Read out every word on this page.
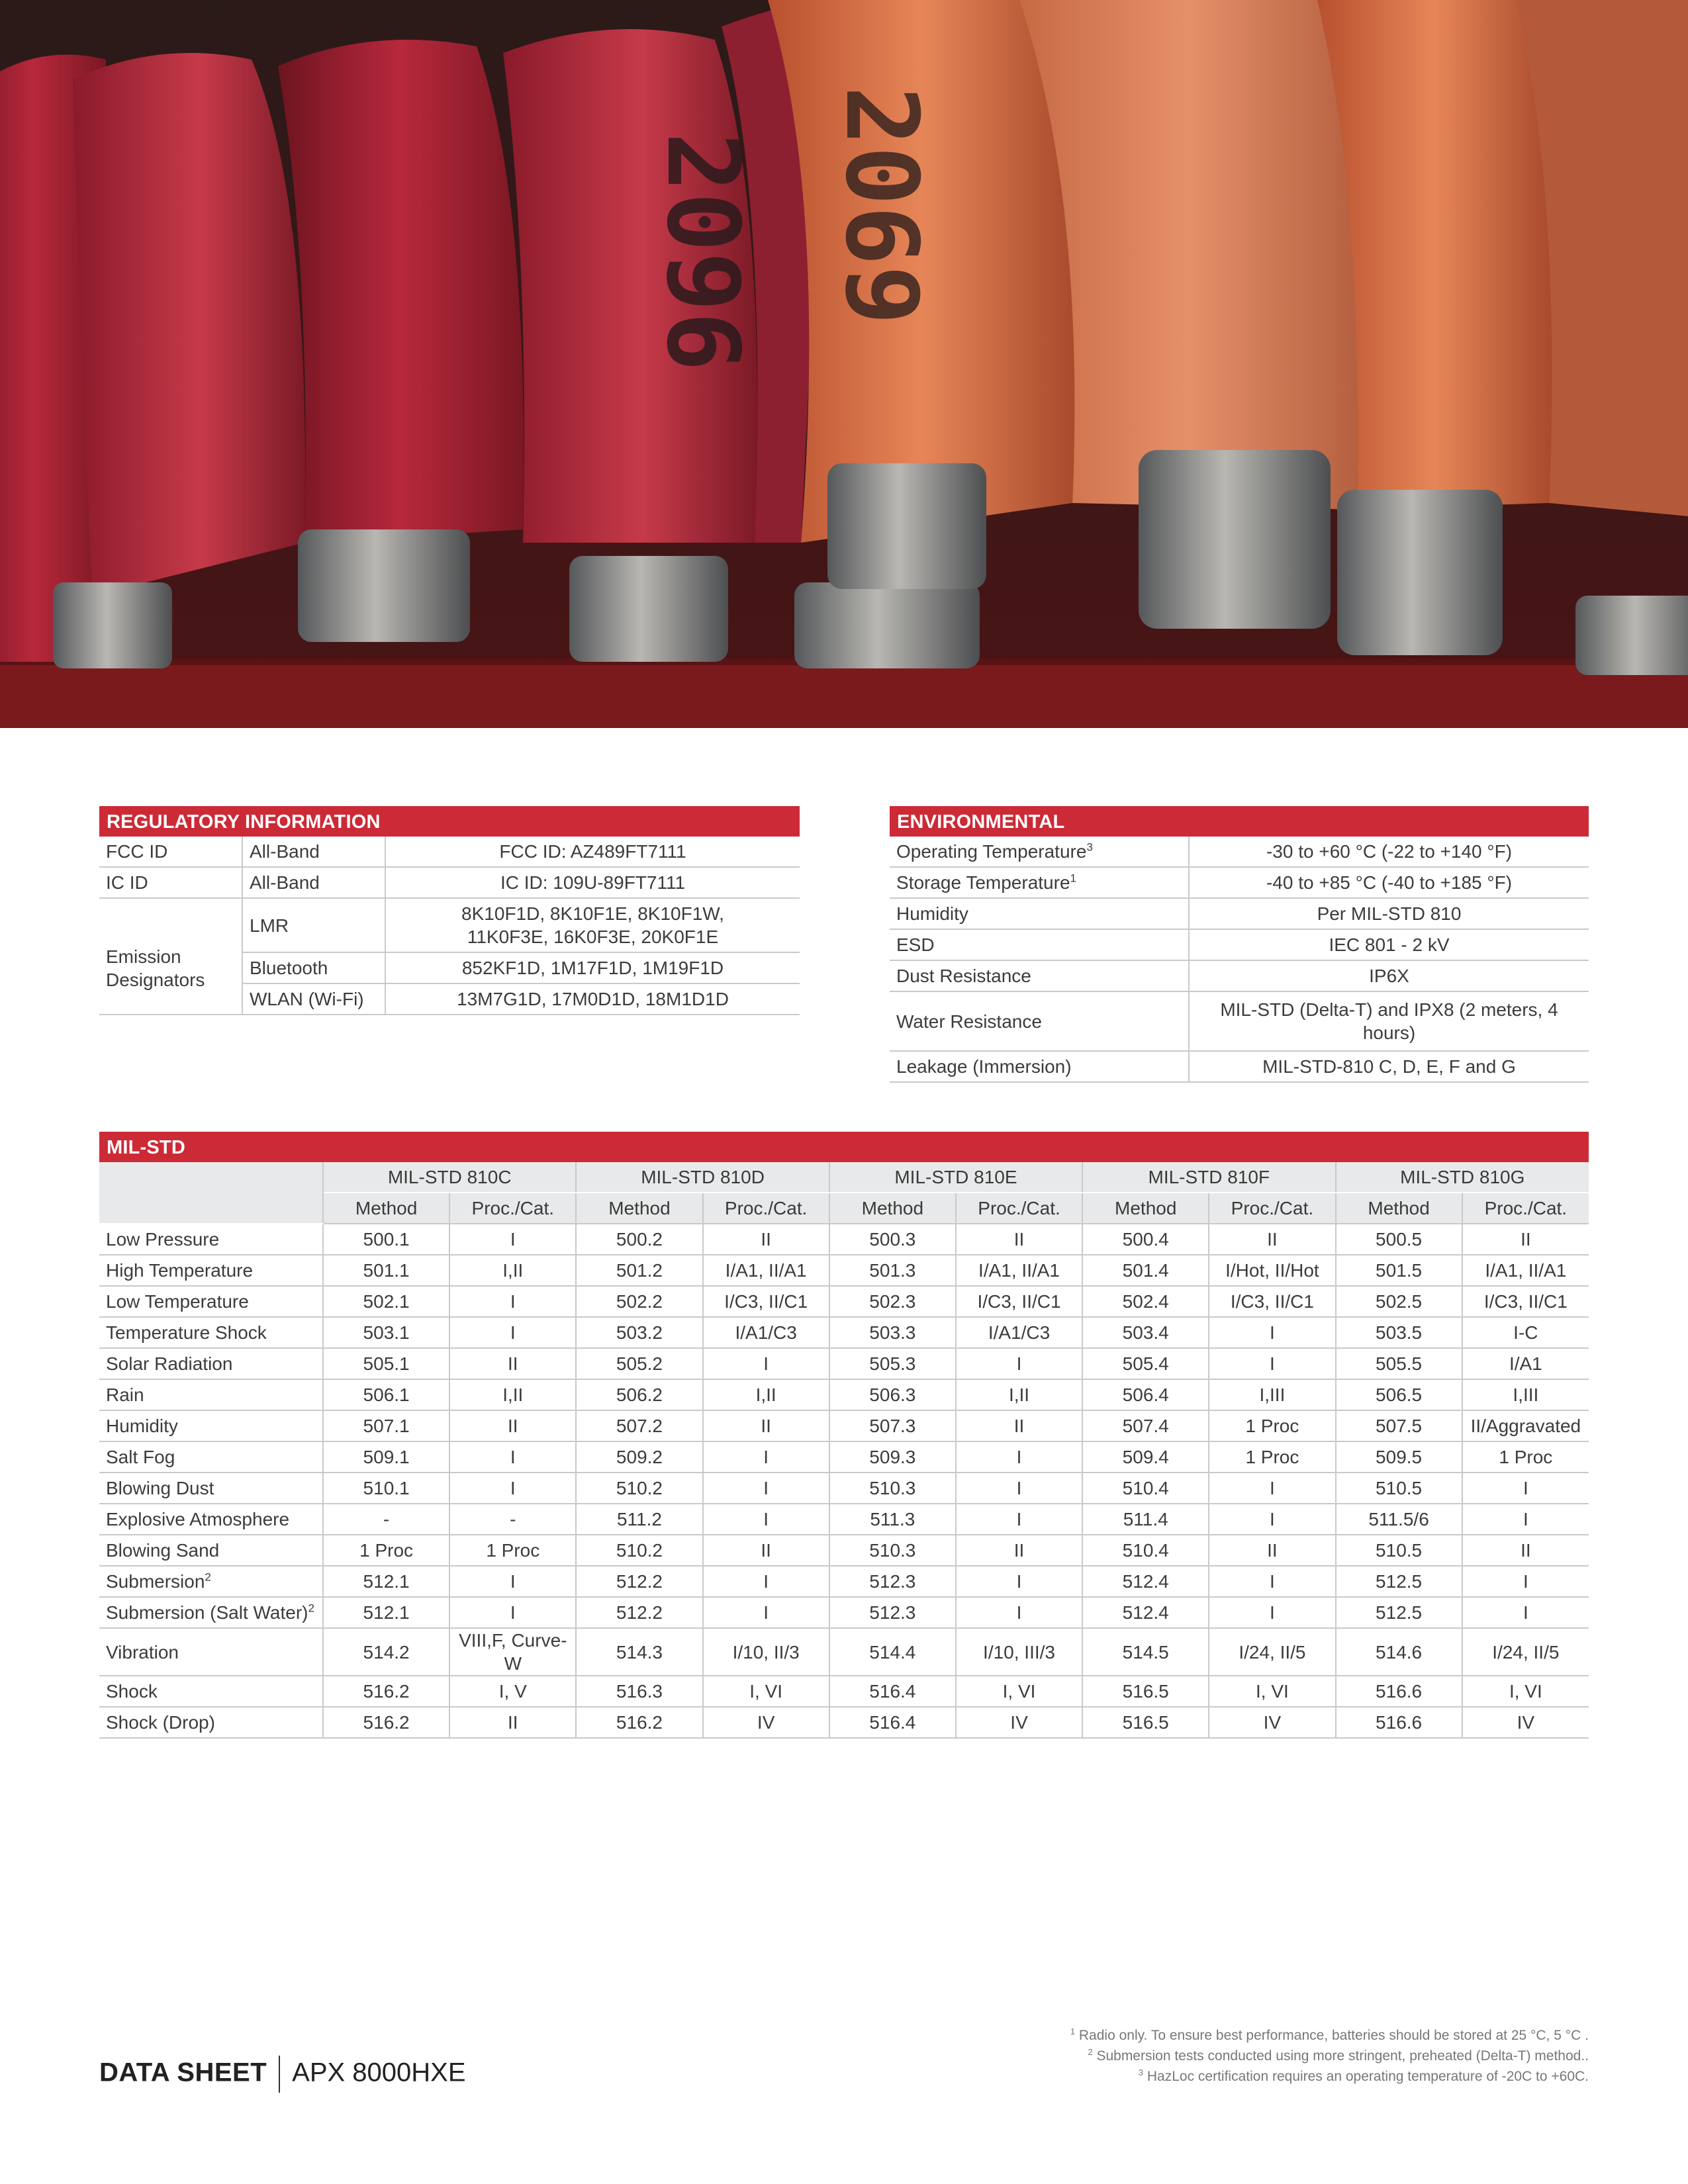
2096 2069
REGULATORY INFORMATION
FCC ID	All-Band	FCC ID: AZ489FT7111
IC ID	All-Band	IC ID: 109U-89FT7111
Emission Designators	LMR	8K10F1D, 8K10F1E, 8K10F1W, 11K0F3E, 16K0F3E, 20K0F1E
	Bluetooth	852KF1D, 1M17F1D, 1M19F1D
	WLAN (Wi-Fi)	13M7G1D, 17M0D1D, 18M1D1D
ENVIRONMENTAL
Operating Temperature$^3$	-30 to +60 °C (-22 to +140 °F)
Storage Temperature$^1$	-40 to +85 °C (-40 to +185 °F)
Humidity	Per MIL-STD 810
ESD	IEC 801 - 2 kV
Dust Resistance	IP6X
Water Resistance	MIL-STD (Delta-T) and IPX8 (2 meters, 4 hours)
Leakage (Immersion)	MIL-STD-810 C, D, E, F and G
MIL-STD
	MIL-STD 810C		MIL-STD 810D		MIL-STD 810E		MIL-STD 810F		MIL-STD 810G	
	Method	Proc./Cat.	Method	Proc./Cat.	Method	Proc./Cat.	Method	Proc./Cat.	Method	Proc./Cat.
Low Pressure	500.1	I	500.2	II	500.3	II	500.4	II	500.5	II
High Temperature	501.1	I,II	501.2	I/A1, II/A1	501.3	I/A1, II/A1	501.4	I/Hot, II/Hot	501.5	I/A1, II/A1
Low Temperature	502.1	I	502.2	I/C3, II/C1	502.3	I/C3, II/C1	502.4	I/C3, II/C1	502.5	I/C3, II/C1
Temperature Shock	503.1	I	503.2	I/A1/C3	503.3	I/A1/C3	503.4	I	503.5	I-C
Solar Radiation	505.1	II	505.2	I	505.3	I	505.4	I	505.5	I/A1
Rain	506.1	I,II	506.2	I,II	506.3	I,II	506.4	I,III	506.5	I,III
Humidity	507.1	II	507.2	II	507.3	II	507.4	1 Proc	507.5	II/Aggravated
Salt Fog	509.1	I	509.2	I	509.3	I	509.4	1 Proc	509.5	1 Proc
Blowing Dust	510.1	I	510.2	I	510.3	I	510.4	I	510.5	I
Explosive Atmosphere	-	-	511.2	I	511.3	I	511.4	I	511.5/6	I
Blowing Sand	1 Proc	1 Proc	510.2	II	510.3	II	510.4	II	510.5	II
Submersion$^2$	512.1	I	512.2	I	512.3	I	512.4	I	512.5	I
Submersion (Salt Water)$^2$	512.1	I	512.2	I	512.3	I	512.4	I	512.5	I
Vibration	514.2	VIII,F, Curve-W	514.3	I/10, II/3	514.4	I/10, III/3	514.5	I/24, II/5	514.6	I/24, II/5
Shock	516.2	I, V	516.3	I, VI	516.4	I, VI	516.5	I, VI	516.6	I, VI
Shock (Drop)	516.2	II	516.2	IV	516.4	IV	516.5	IV	516.6	IV
$^1$ Radio only. To ensure best performance, batteries should be stored at 25 °C, 5 °C .
$^2$ Submersion tests conducted using more stringent, preheated (Delta-T) method..
$^3$ HazLoc certification requires an operating temperature of -20C to +60C.
DATA SHEET APX 8000HXE
